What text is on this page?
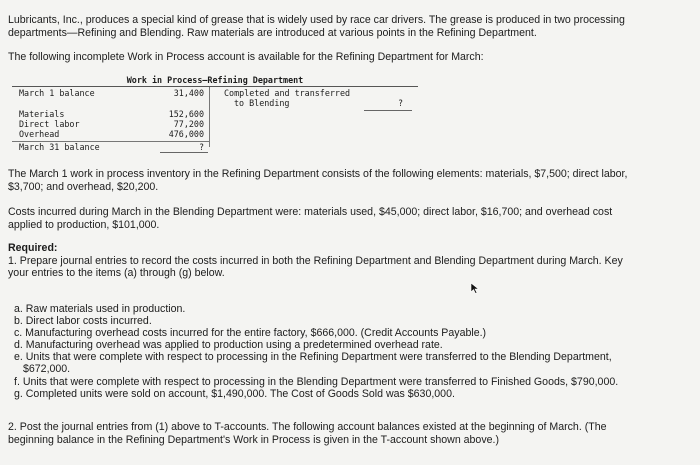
Lubricants, Inc., produces a special kind of grease that is widely used by race car drivers. The grease is produced in two processing
departments—Refining and Blending. Raw materials are introduced at various points in the Refining Department.
The following incomplete Work in Process account is available for the Refining Department for March:
Work in Process—Refining Department
March 1 balance	31,400 Completed and transferred
to Blending	?
Materials	152,600
Direct labor	77,200
Overhead	476,000
March 31 balance	?
The March 1 work in process inventory in the Refining Department consists of the following elements: materials, $7,500; direct labor,
$3,700; and overhead, $20,200.
Costs incurred during March in the Blending Department were: materials used, $45,000; direct labor, $16,700; and overhead cost
applied to production, $101,000.
Required:
1. Prepare journal entries to record the costs incurred in both the Refining Department and Blending Department during March. Key
your entries to the items (a) through (g) below.
a. Raw materials used in production.
b. Direct labor costs incurred.
c. Manufacturing overhead costs incurred for the entire factory, $666,000. (Credit Accounts Payable.)
d. Manufacturing overhead was applied to production using a predetermined overhead rate.
e. Units that were complete with respect to processing in the Refining Department were transferred to the Blending Department,
$672,000.
f. Units that were complete with respect to processing in the Blending Department were transferred to Finished Goods, $790,000.
g. Completed units were sold on account, $1,490,000. The Cost of Goods Sold was $630,000.
2. Post the journal entries from (1) above to T-accounts. The following account balances existed at the beginning of March. (The
beginning balance in the Refining Department's Work in Process is given in the T-account shown above.)
